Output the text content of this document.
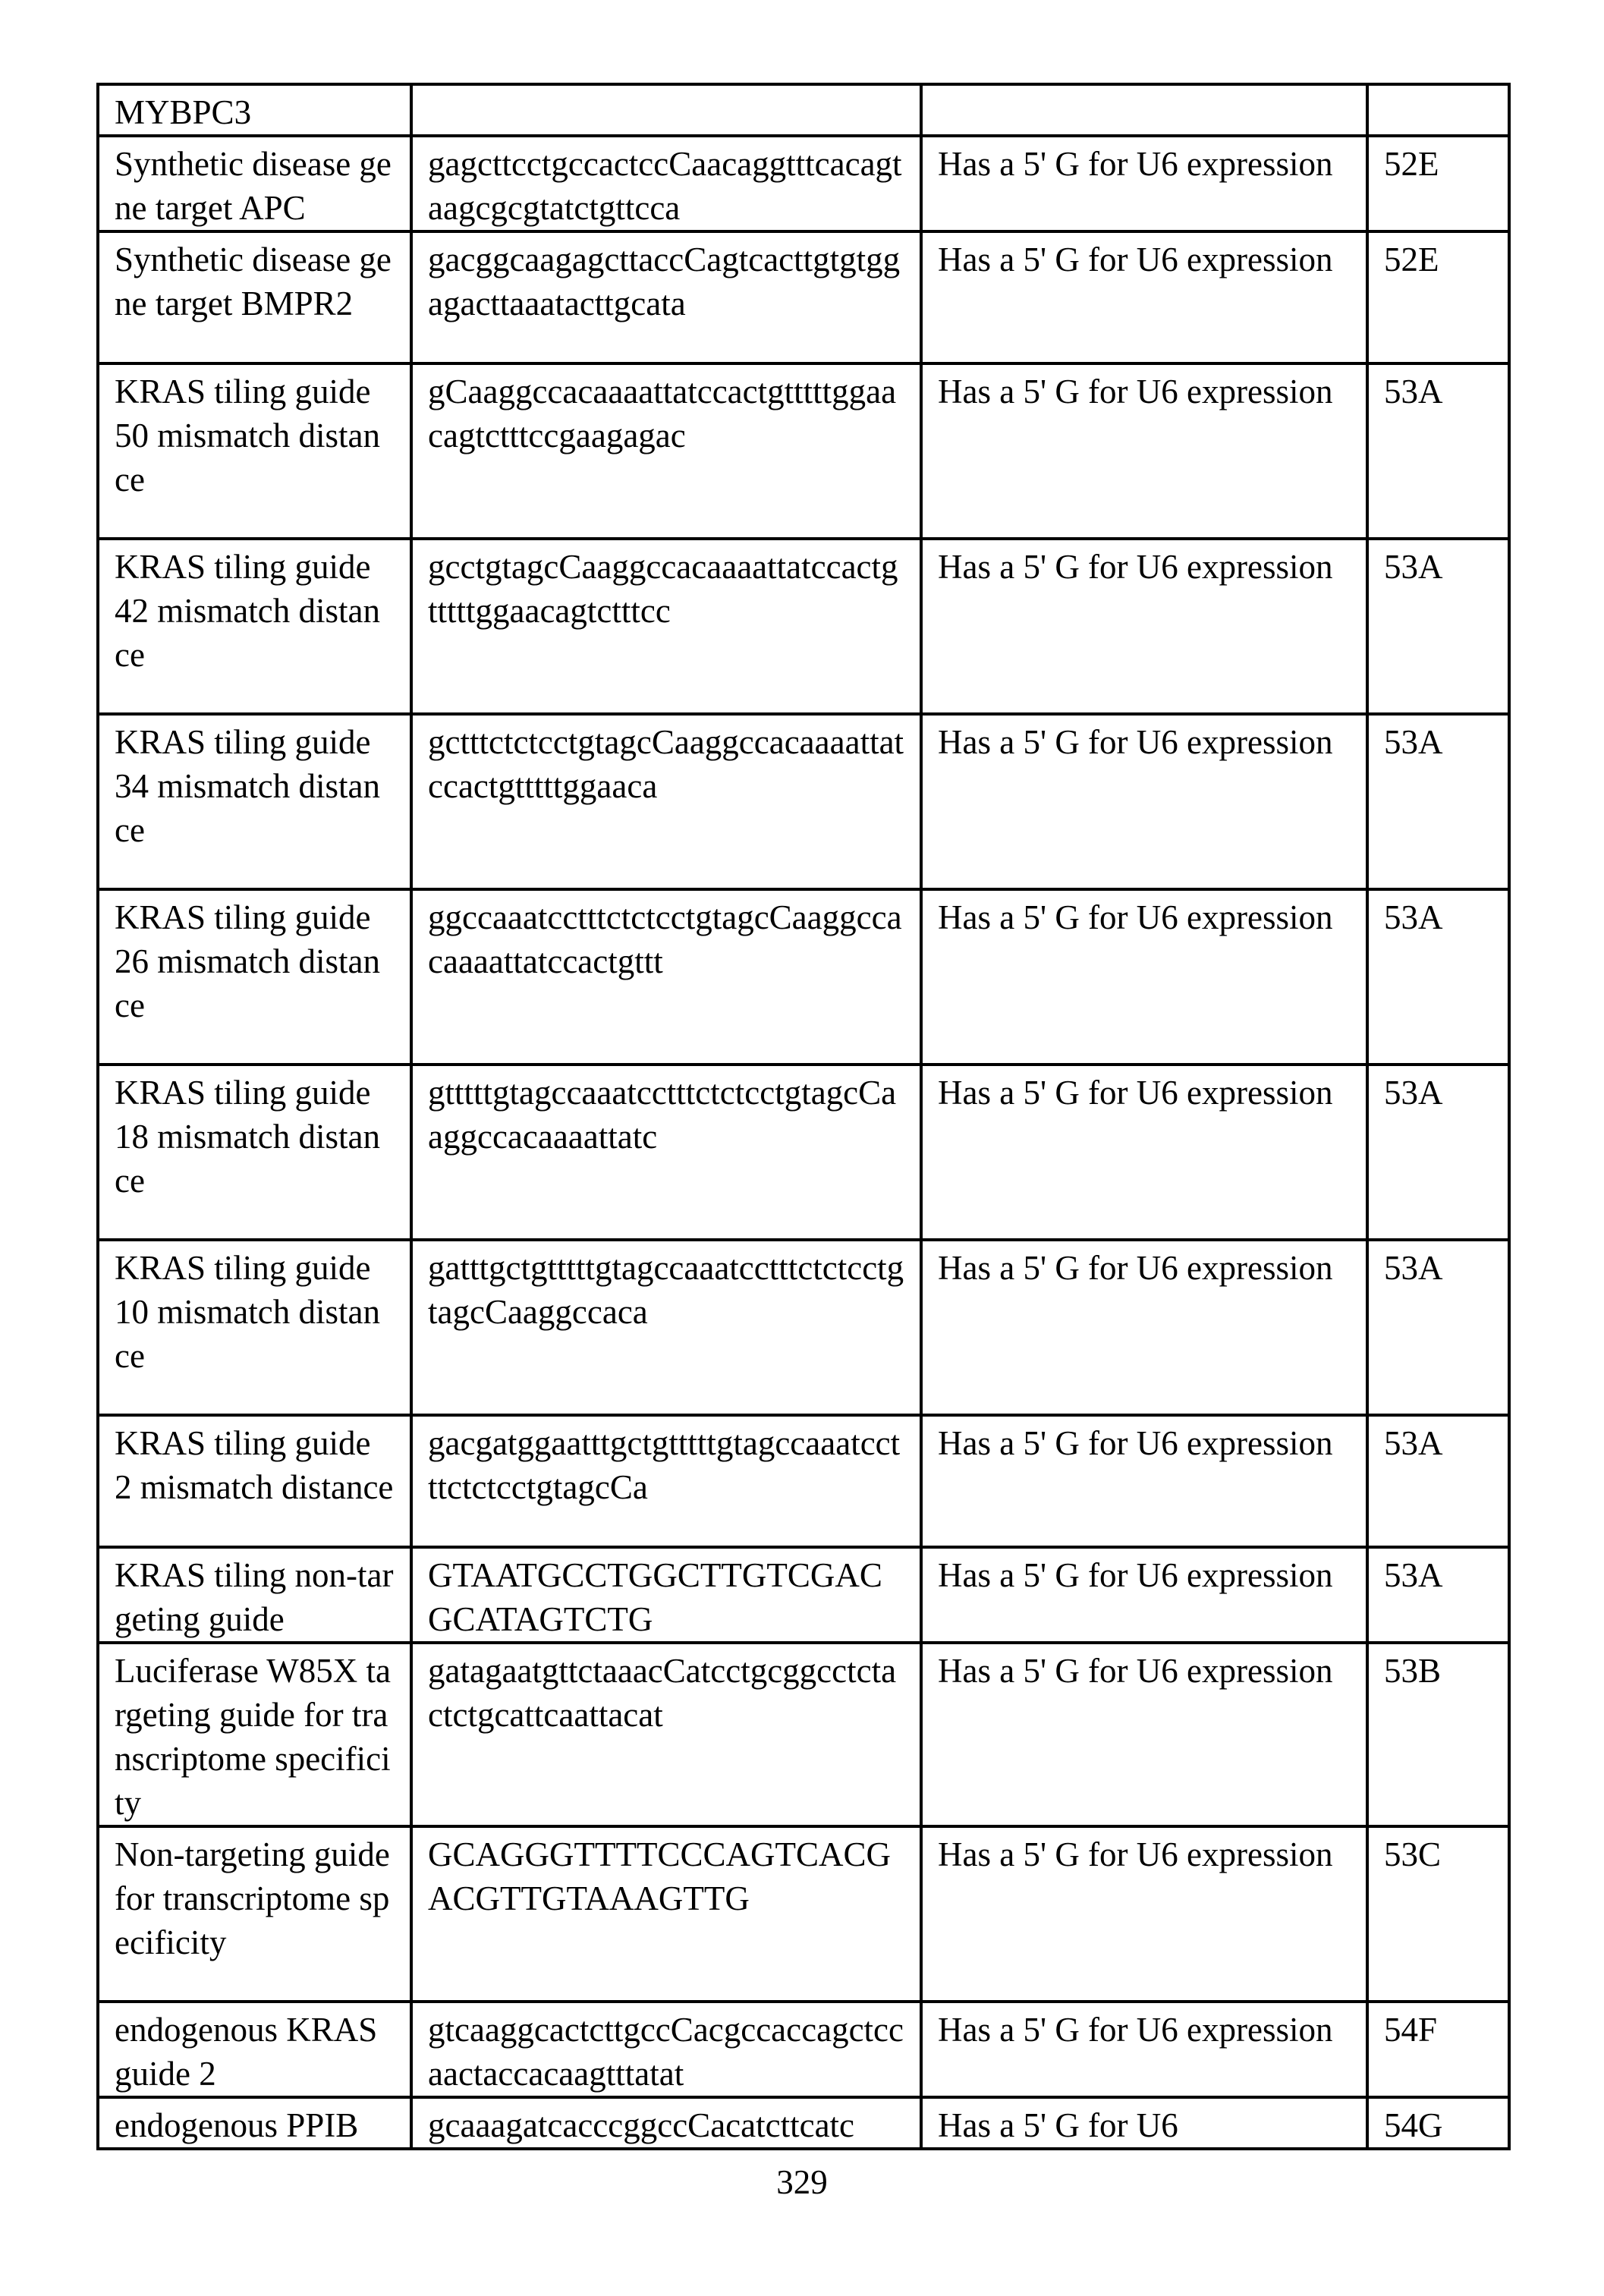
MYBPC3			
Synthetic disease gene target APC	gagcttcctgccactccCaacaggtttcacagtaagcgcgtatctgttcca	Has a 5' G for U6 expression	52E
Synthetic disease gene target BMPR2	gacggcaagagcttaccCagtcacttgtgtggagacttaaatacttgcata	Has a 5' G for U6 expression	52E
KRAS tiling guide 50 mismatch distance	gCaaggccacaaaattatccactgtttttggaacagtctttccgaagagac	Has a 5' G for U6 expression	53A
KRAS tiling guide 42 mismatch distance	gcctgtagcCaaggccacaaaattatccactgtttttggaacagtctttcc	Has a 5' G for U6 expression	53A
KRAS tiling guide 34 mismatch distance	gctttctctcctgtagcCaaggccacaaaattatccactgtttttggaaca	Has a 5' G for U6 expression	53A
KRAS tiling guide 26 mismatch distance	ggccaaatcctttctctcctgtagcCaaggccacaaaattatccactgttt	Has a 5' G for U6 expression	53A
KRAS tiling guide 18 mismatch distance	gtttttgtagccaaatcctttctctcctgtagcCaaggccacaaaattatc	Has a 5' G for U6 expression	53A
KRAS tiling guide 10 mismatch distance	gatttgctgtttttgtagccaaatcctttctctcctgtagcCaaggccaca	Has a 5' G for U6 expression	53A
KRAS tiling guide 2 mismatch distance	gacgatggaatttgctgtttttgtagccaaatcctttctctcctgtagcCa	Has a 5' G for U6 expression	53A
KRAS tiling non-targeting guide	GTAATGCCTGGCTTGTCGACGCATAGTCTG	Has a 5' G for U6 expression	53A
Luciferase W85X targeting guide for transcriptome specificity	gatagaatgttctaaacCatcctgcggcctctactctgcattcaattacat	Has a 5' G for U6 expression	53B
Non-targeting guide for transcriptome specificity	GCAGGGTTTTCCCAGTCACGACGTTGTAAAGTTG	Has a 5' G for U6 expression	53C
endogenous KRAS guide 2	gtcaaggcactcttgccCacgccaccagctccaactaccacaagtttatat	Has a 5' G for U6 expression	54F
endogenous PPIB	gcaaagatcacccggccCacatcttcatc	Has a 5' G for U6	54G
329
